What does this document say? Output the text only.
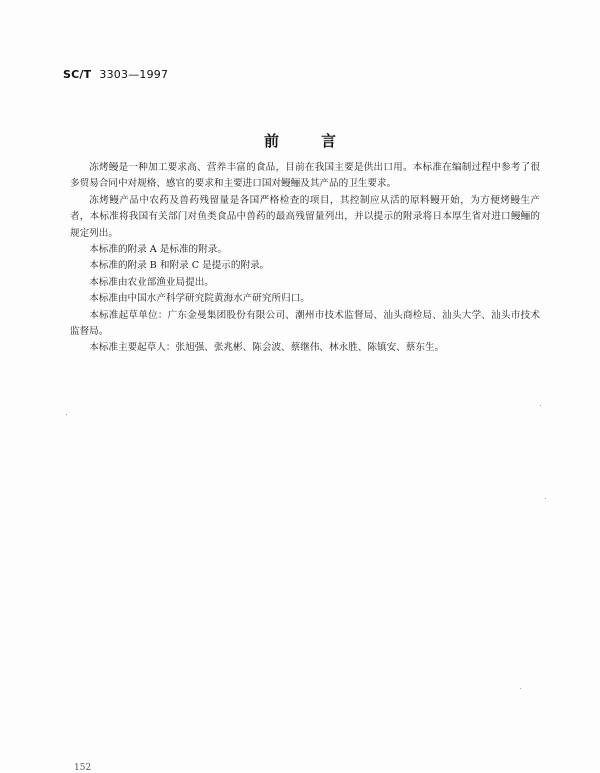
SC/T 3303—1997
前言

冻烤鳗是一种加工要求高、营养丰富的食品，目前在我国主要是供出口用。本标准在编制过程中参考了很多贸易合同中对规格、感官的要求和主要进口国对鳗鲡及其产品的卫生要求。

冻烤鳗产品中农药及兽药残留量是各国严格检查的项目，其控制应从活的原料鳗开始，为方便烤鳗生产者，本标准将我国有关部门对鱼类食品中兽药的最高残留量列出，并以提示的附录将日本厚生省对进口鳗鲡的规定列出。

本标准的附录 A 是标准的附录。

本标准的附录 B 和附录 C 是提示的附录。

本标准由农业部渔业局提出。

本标准由中国水产科学研究院黄海水产研究所归口。

本标准起草单位：广东金曼集团股份有限公司、潮州市技术监督局、汕头商检局、汕头大学、汕头市技术监督局。

本标准主要起草人：张旭强、张兆彬、陈会波、蔡继伟、林永胜、陈镇安、蔡东生。

152
